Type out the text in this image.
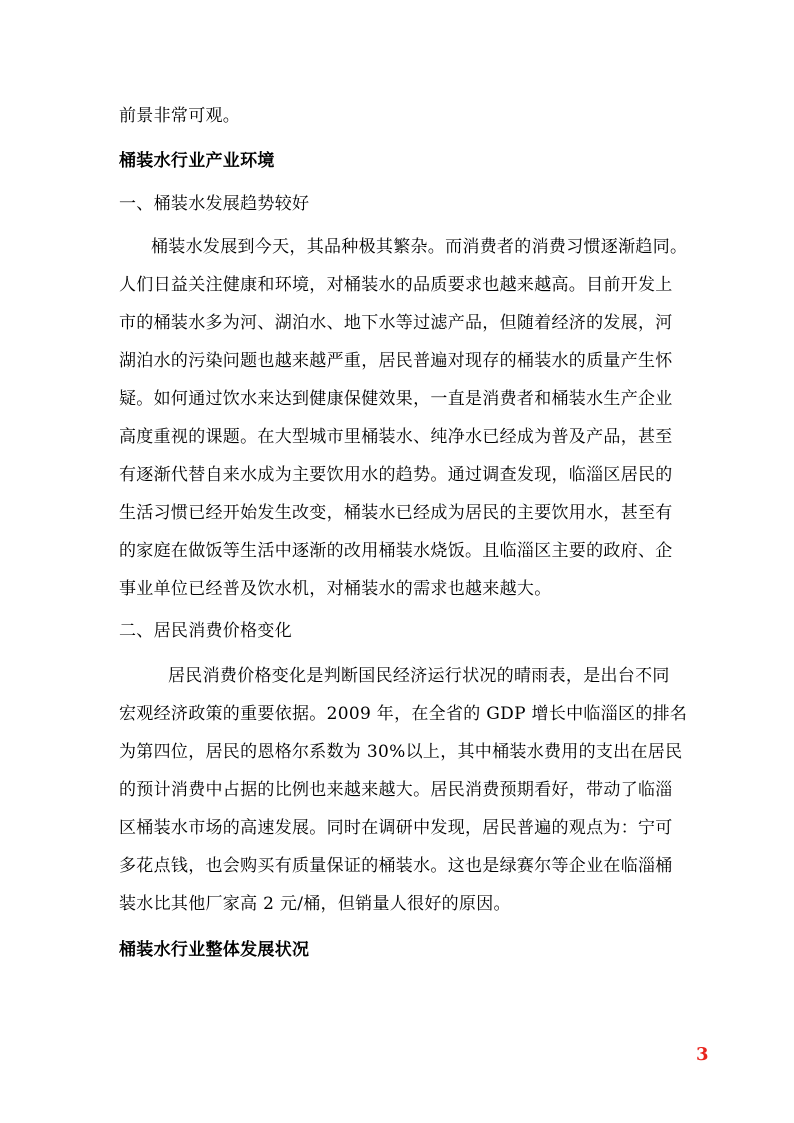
前景非常可观。
桶装水行业产业环境
一、桶装水发展趋势较好
桶装水发展到今天，其品种极其繁杂。而消费者的消费习惯逐渐趋同。
人们日益关注健康和环境，对桶装水的品质要求也越来越高。目前开发上
市的桶装水多为河、湖泊水、地下水等过滤产品，但随着经济的发展，河
湖泊水的污染问题也越来越严重，居民普遍对现存的桶装水的质量产生怀
疑。如何通过饮水来达到健康保健效果，一直是消费者和桶装水生产企业
高度重视的课题。在大型城市里桶装水、纯净水已经成为普及产品，甚至
有逐渐代替自来水成为主要饮用水的趋势。通过调查发现，临淄区居民的
生活习惯已经开始发生改变，桶装水已经成为居民的主要饮用水，甚至有
的家庭在做饭等生活中逐渐的改用桶装水烧饭。且临淄区主要的政府、企
事业单位已经普及饮水机，对桶装水的需求也越来越大。
二、居民消费价格变化
居民消费价格变化是判断国民经济运行状况的晴雨表，是出台不同
宏观经济政策的重要依据。2009 年，在全省的 GDP 增长中临淄区的排名
为第四位，居民的恩格尔系数为 30%以上，其中桶装水费用的支出在居民
的预计消费中占据的比例也来越来越大。居民消费预期看好，带动了临淄
区桶装水市场的高速发展。同时在调研中发现，居民普遍的观点为：宁可
多花点钱，也会购买有质量保证的桶装水。这也是绿赛尔等企业在临淄桶
装水比其他厂家高 2 元/桶，但销量人很好的原因。
桶装水行业整体发展状况
3
